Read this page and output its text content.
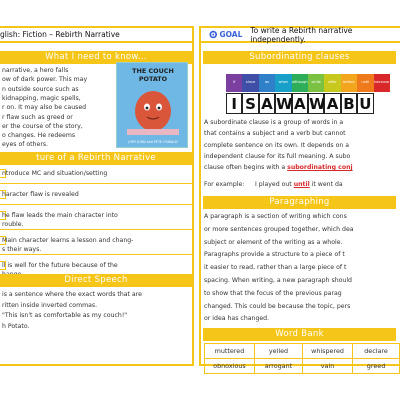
glish: Fiction – Rebirth Narrative
What I need to know...
narrative, a hero falls
ow of dark power. This may
n outside source such as
kidnapping, magic spells,
r on. It may also be caused
r flaw such as greed or
er the course of the story,
o changes. He redeems
eyes of others.
THE COUCH POTATO
JORY JOHN and PETE OSWALD
ture of a Rebirth Narrative
ntroduce MC and situation/setting
haracter flaw is revealed
he flaw leads the main character into
rouble.
Main character learns a lesson and chang-
s their ways.
ll is well for the future because of the
Direct Speech
is a sentence where the exact words that are
ritten inside inverted commas.
"This isn't as comfortable as my couch!"
h Potato.
GOAL To write a Rebirth narrative independently.
Subordinating clauses
if	since	as	when although	while	after	before	until	because
I S A W A W A B U
A subordinate clause is a group of words in a
that contains a subject and a verb but cannot
complete sentence on its own. It depends on a
independent clause for its full meaning. A subo
clause often begins with a subordinating conj
For example: I played out until it went da
Paragraphing
A paragraph is a section of writing which cons
or more sentences grouped together, which dea
subject or element of the writing as a whole.
Paragraphs provide a structure to a piece of t
it easier to read, rather than a large piece of t
spacing. When writing, a new paragraph should
to show that the focus of the previous parag
changed. This could be because the topic, pers
or idea has changed.
Word Bank
muttered	yelled	whispered	declare
obnoxious	arrogant	vain	greed
